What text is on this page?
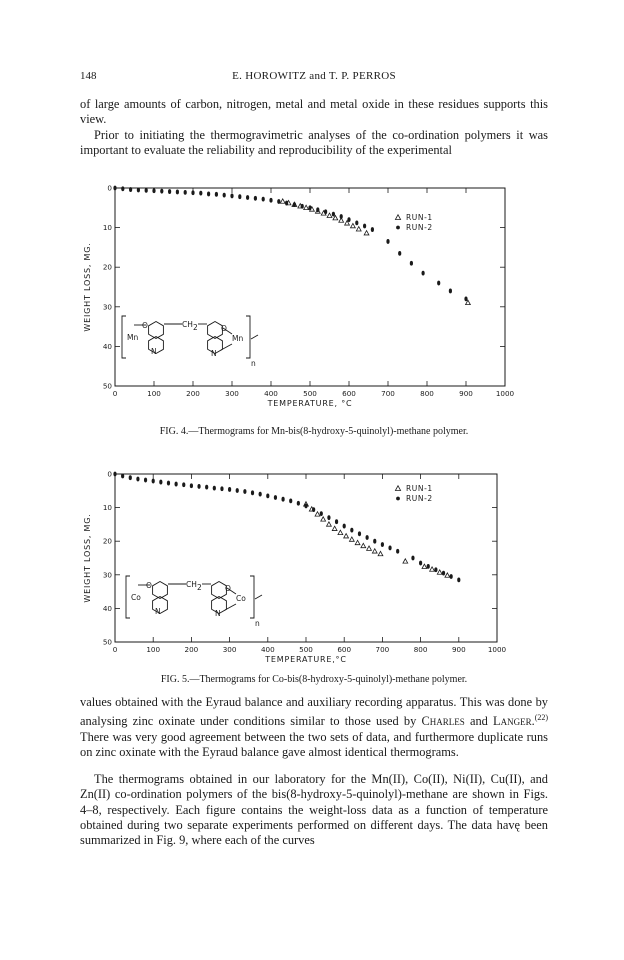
148	E. HOROWITZ and T. P. PERROS

of large amounts of carbon, nitrogen, metal and metal oxide in these residues supports this view.

Prior to initiating the thermogravimetric analyses of the co-ordination polymers it was important to evaluate the reliability and reproducibility of the experimental

0	100	200	300	400	500	600	700	800	900	1000
0
10
20
30
40
50
TEMPERATURE, °C
WEIGHT LOSS, MG.
RUN-1
RUN-2
Mn
O
N
CH 2	O
N
Mn
n
FIG. 4.—Thermograms for Mn-bis(8-hydroxy-5-quinolyl)-methane polymer.
0	100	200	300	400	500	600	700	800	900	1000
0
10
20
30
40
50
TEMPERATURE,°C
WEIGHT LOSS, MG.
RUN-1
RUN-2
Co
O
N
CH 2	O
N
Co
n
FIG. 5.—Thermograms for Co-bis(8-hydroxy-5-quinolyl)-methane polymer.

values obtained with the Eyraud balance and auxiliary recording apparatus. This was done by analysing zinc oxinate under conditions similar to those used by Charles and Langer.$^{(22)}$ There was very good agreement between the two sets of data, and furthermore duplicate runs on zinc oxinate with the Eyraud balance gave almost identical thermograms.

The thermograms obtained in our laboratory for the Mn(II), Co(II), Ni(II), Cu(II), and Zn(II) co-ordination polymers of the bis(8-hydroxy-5-quinolyl)-methane are shown in Figs. 4–8, respectively. Each figure contains the weight-loss data as a function of temperature obtained during two separate experiments performed on different days. The data havę been summarized in Fig. 9, where each of the curves
